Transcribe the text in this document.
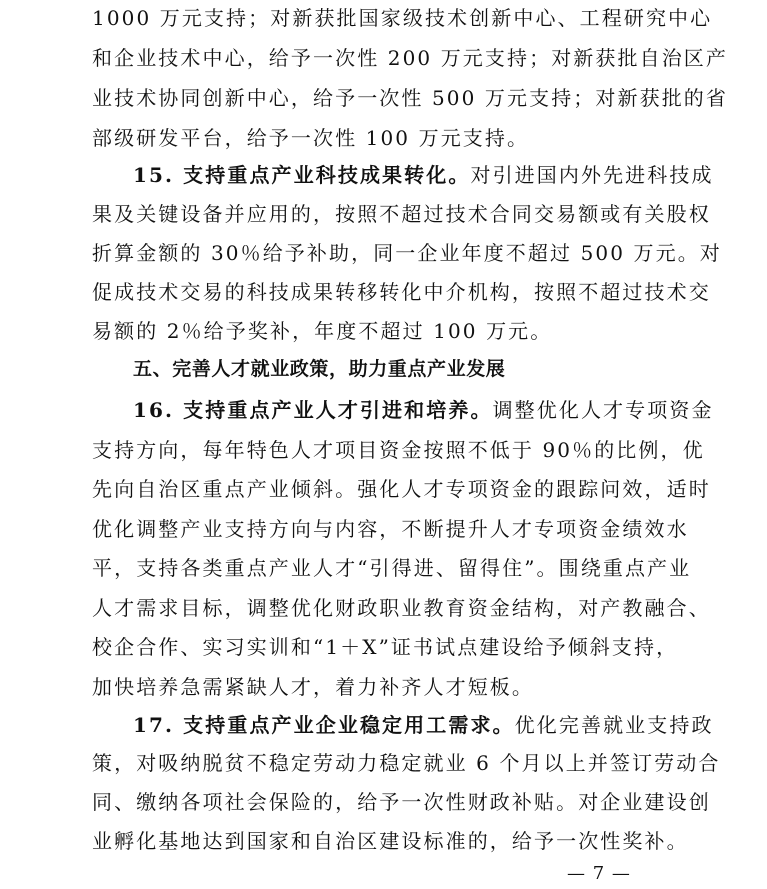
1000 万元支持；对新获批国家级技术创新中心、工程研究中心
和企业技术中心，给予一次性 200 万元支持；对新获批自治区产
业技术协同创新中心，给予一次性 500 万元支持；对新获批的省
部级研发平台，给予一次性 100 万元支持。
15. 支持重点产业科技成果转化。对引进国内外先进科技成
果及关键设备并应用的，按照不超过技术合同交易额或有关股权
折算金额的 30％给予补助，同一企业年度不超过 500 万元。对
促成技术交易的科技成果转移转化中介机构，按照不超过技术交
易额的 2％给予奖补，年度不超过 100 万元。
五、完善人才就业政策，助力重点产业发展
16. 支持重点产业人才引进和培养。调整优化人才专项资金
支持方向，每年特色人才项目资金按照不低于 90％的比例，优
先向自治区重点产业倾斜。强化人才专项资金的跟踪问效，适时
优化调整产业支持方向与内容，不断提升人才专项资金绩效水
平，支持各类重点产业人才“引得进、留得住”。围绕重点产业
人才需求目标，调整优化财政职业教育资金结构，对产教融合、
校企合作、实习实训和“1＋X”证书试点建设给予倾斜支持，
加快培养急需紧缺人才，着力补齐人才短板。
17. 支持重点产业企业稳定用工需求。优化完善就业支持政
策，对吸纳脱贫不稳定劳动力稳定就业 6 个月以上并签订劳动合
同、缴纳各项社会保险的，给予一次性财政补贴。对企业建设创
业孵化基地达到国家和自治区建设标准的，给予一次性奖补。
— 7 —
